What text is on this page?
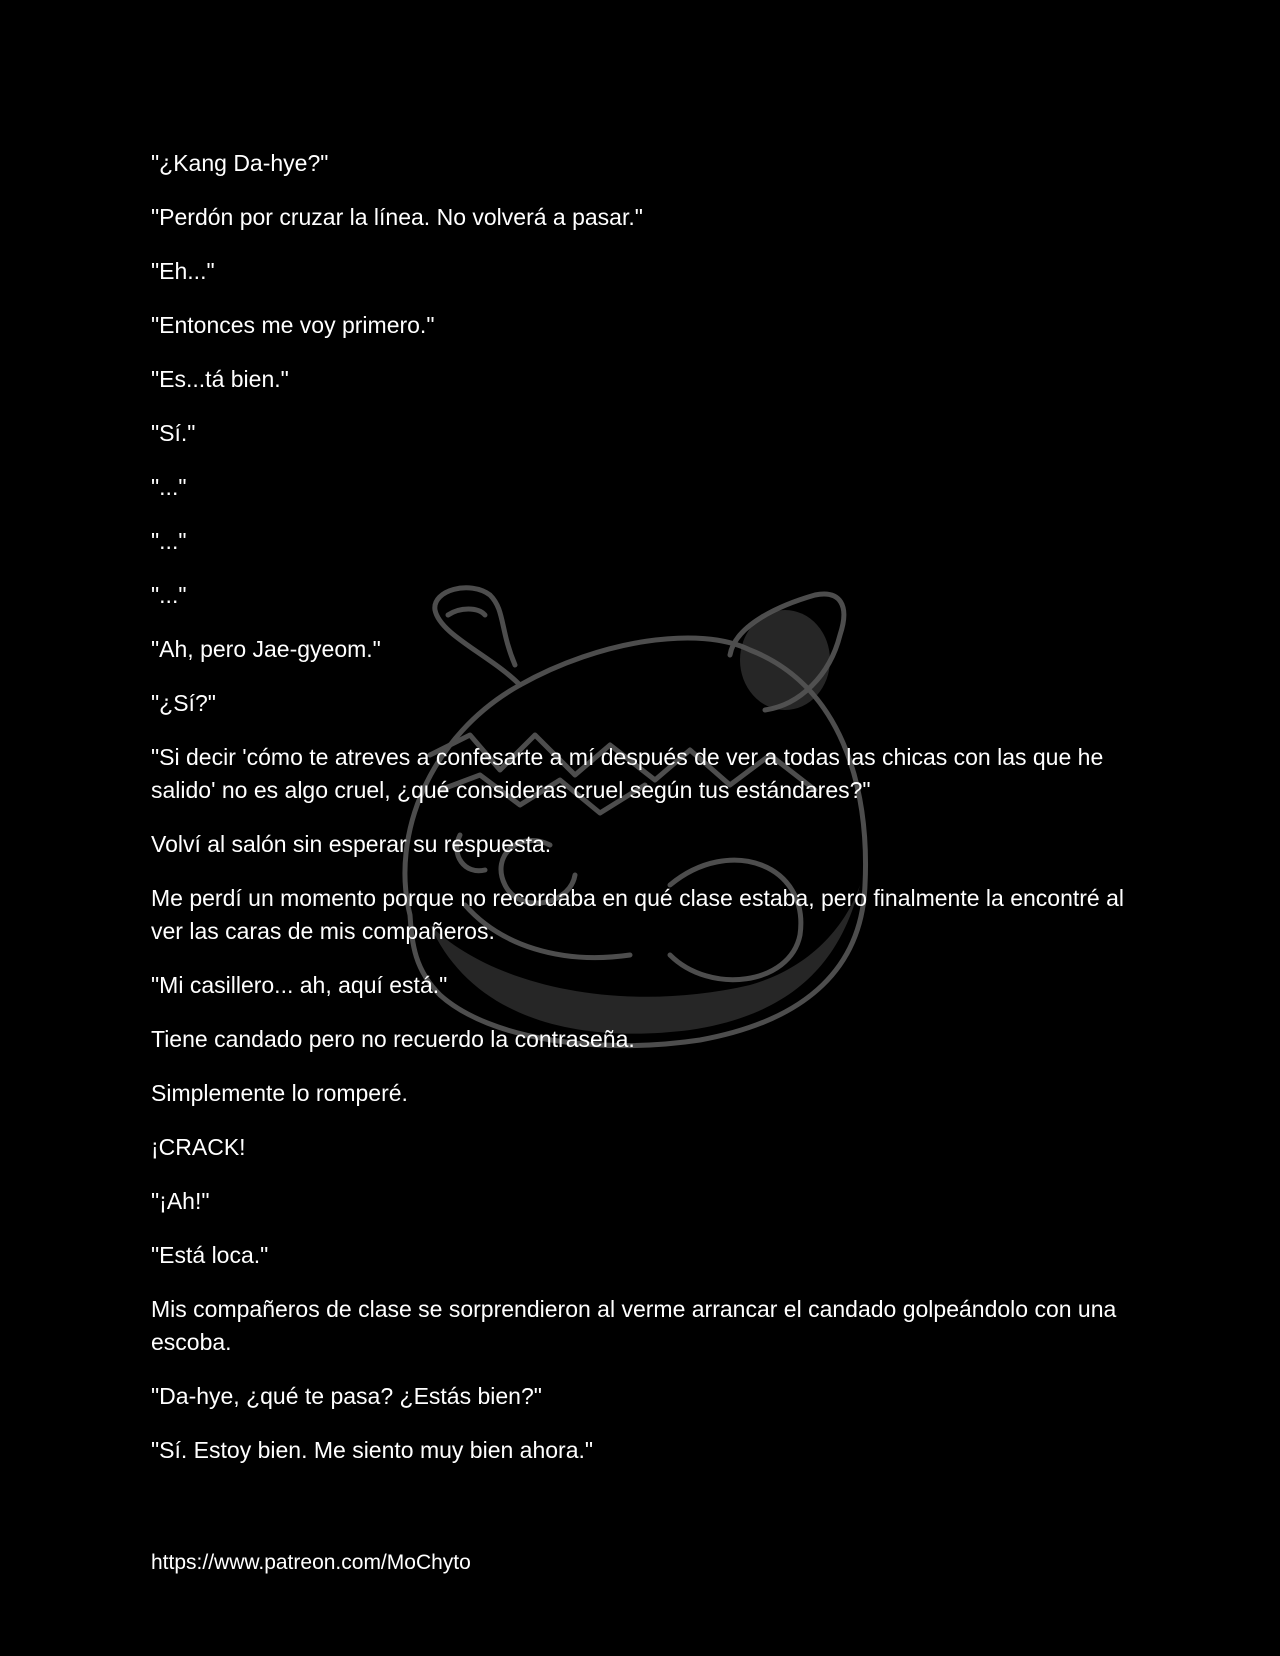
"¿Kang Da-hye?"

"Perdón por cruzar la línea. No volverá a pasar."

"Eh..."

"Entonces me voy primero."

"Es...tá bien."

"Sí."

"..."

"..."

"..."

"Ah, pero Jae-gyeom."

"¿Sí?"

"Si decir 'cómo te atreves a confesarte a mí después de ver a todas las chicas con las que he salido' no es algo cruel, ¿qué consideras cruel según tus estándares?"

Volví al salón sin esperar su respuesta.

Me perdí un momento porque no recordaba en qué clase estaba, pero finalmente la encontré al ver las caras de mis compañeros.

"Mi casillero... ah, aquí está."

Tiene candado pero no recuerdo la contraseña.

Simplemente lo romperé.

¡CRACK!

"¡Ah!"

"Está loca."

Mis compañeros de clase se sorprendieron al verme arrancar el candado golpeándolo con una escoba.

"Da-hye, ¿qué te pasa? ¿Estás bien?"

"Sí. Estoy bien. Me siento muy bien ahora."

https://www.patreon.com/MoChyto
